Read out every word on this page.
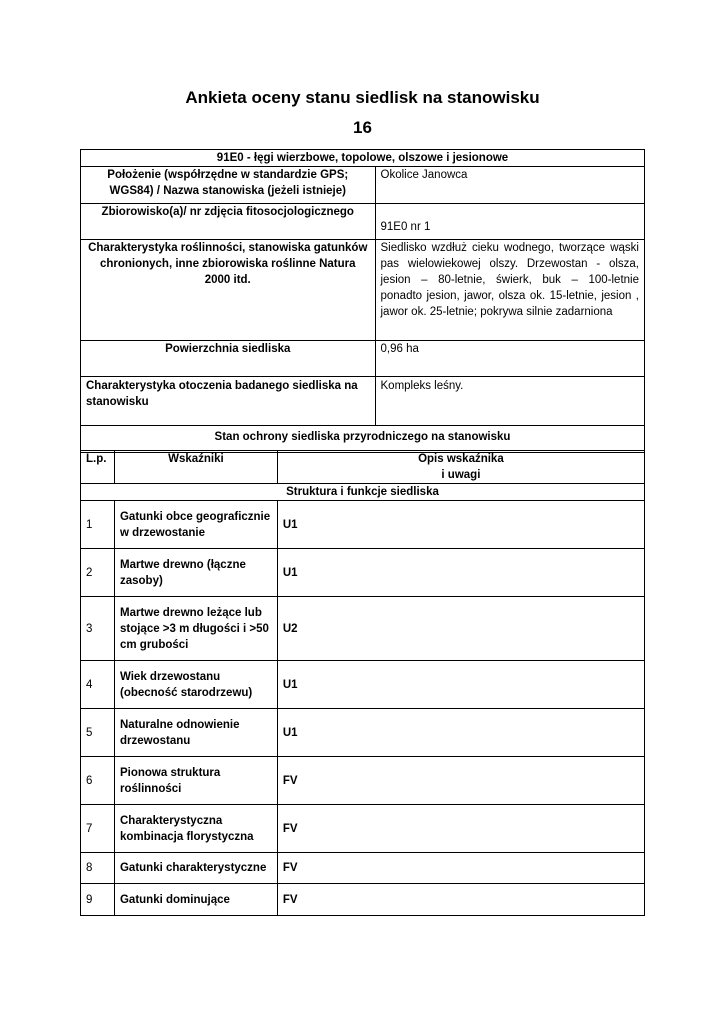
Ankieta oceny stanu siedlisk na stanowisku
16
91E0 - łęgi wierzbowe, topolowe, olszowe i jesionowe	
Położenie (współrzędne w standardzie GPS; WGS84) / Nazwa stanowiska (jeżeli istnieje)	Okolice Janowca
Zbiorowisko(a)/ nr zdjęcia fitosocjologicznego	91E0 nr 1
Charakterystyka roślinności, stanowiska gatunków chronionych, inne zbiorowiska roślinne Natura 2000 itd.	Siedlisko wzdłuż cieku wodnego, tworzące wąski pas wielowiekowej olszy. Drzewostan - olsza, jesion – 80-letnie, świerk, buk – 100-letnie ponadto jesion, jawor, olsza ok. 15-letnie, jesion , jawor ok. 25-letnie; pokrywa silnie zadarniona
Powierzchnia siedliska	0,96 ha
Charakterystyka otoczenia badanego siedliska na stanowisku	Kompleks leśny.
Stan ochrony siedliska przyrodniczego na stanowisku	
L.p.	Wskaźniki	Opis wskaźnika
i uwagi

Struktura i funkcje siedliska		
1	Gatunki obce geograficznie w drzewostanie	U1
2	Martwe drewno (łączne zasoby)	U1
3	Martwe drewno leżące lub stojące >3 m długości i >50 cm grubości	U2
4	Wiek drzewostanu (obecność starodrzewu)	U1
5	Naturalne odnowienie drzewostanu	U1
6	Pionowa struktura roślinności	FV
7	Charakterystyczna kombinacja florystyczna	FV
8	Gatunki charakterystyczne	FV
9	Gatunki dominujące	FV
